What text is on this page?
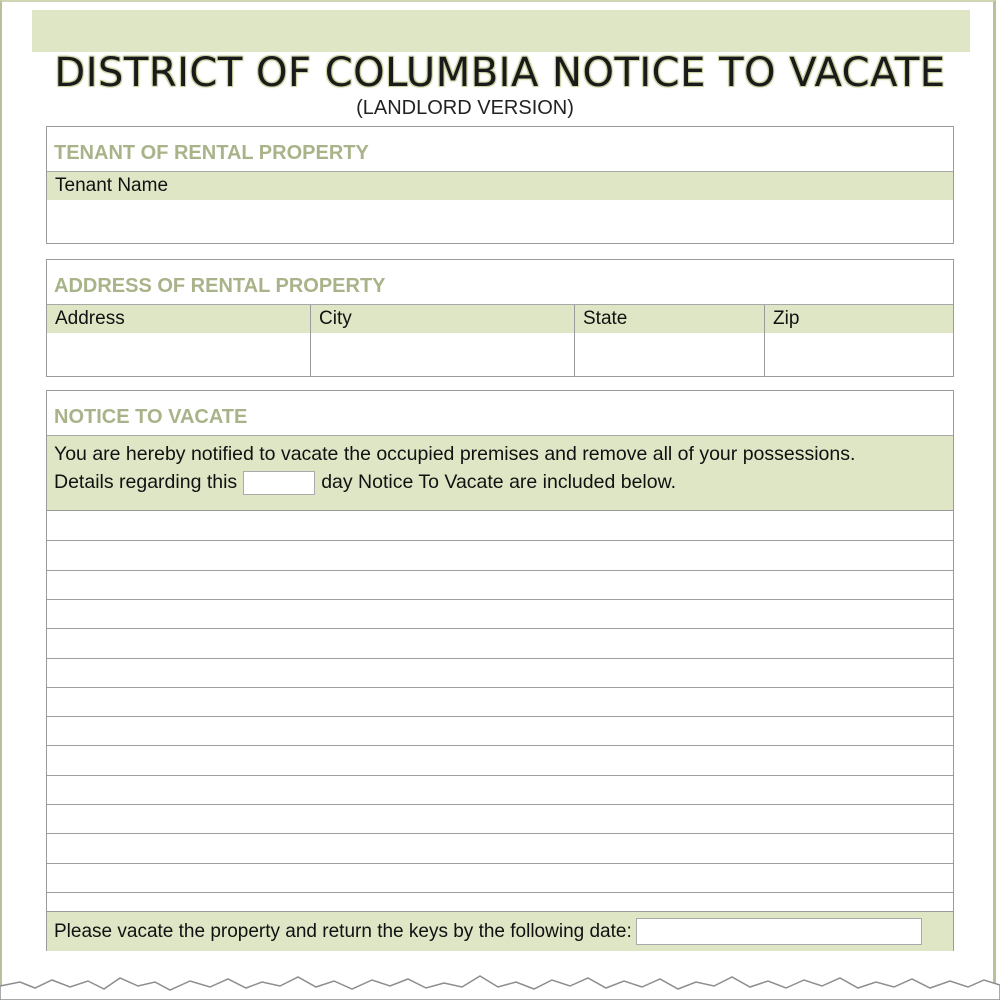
DISTRICT OF COLUMBIA NOTICE TO VACATE
(LANDLORD VERSION)
TENANT OF RENTAL PROPERTY
Tenant Name
ADDRESS OF RENTAL PROPERTY
Address	City	State	Zip
NOTICE TO VACATE
You are hereby notified to vacate the occupied premises and remove all of your possessions.
Details regarding this	day Notice To Vacate are included below.
Please vacate the property and return the keys by the following date:
